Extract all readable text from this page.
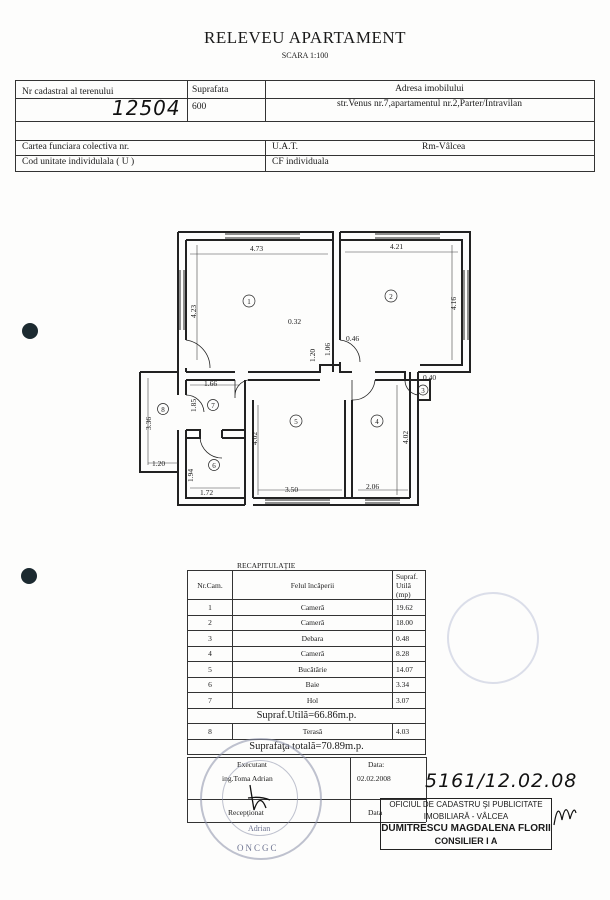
RELEVEU APARTAMENT
SCARA 1:100
Nr cadastral al terenului
12504
Suprafata
600
Adresa imobilului
str.Venus nr.7,apartamentul nr.2,Parter/Intravilan
Cartea funciara colectiva nr.	U.A.T.	Rm-Vâlcea
Cod unitate individulala ( U )	CF individuala
4.73	4.21
4.23
4.16
0.32
0.46
1.20 1.06
1.66
0.40
3.36
1.85
4.02	4.02
1.20
1.94
1.72	3.50	2.06
1
2
3
4
5
6
7
8
RECAPITULAŢIE
Nr.Cam.	Felul încăperii	Supraf. Utilă (mp)
1	Cameră	19.62
2	Cameră	18.00
3	Debara	0.48
4	Cameră	8.28
5	Bucătărie	14.07
6	Baie	3.34
7	Hol	3.07
Supraf.Utilă=66.86m.p.		
8	Terasă	4.03
Suprafaţa totală=70.89m.p.		
Executant
ing.Toma Adrian
Data:
02.02.2008
Recepţionat	Data
Adrian
ONCGC
5161/12.02.08
OFICIUL DE CADASTRU ŞI PUBLICITATE
IMOBILIARĂ - VÂLCEA
DUMITRESCU MAGDALENA FLORII
CONSILIER I A
